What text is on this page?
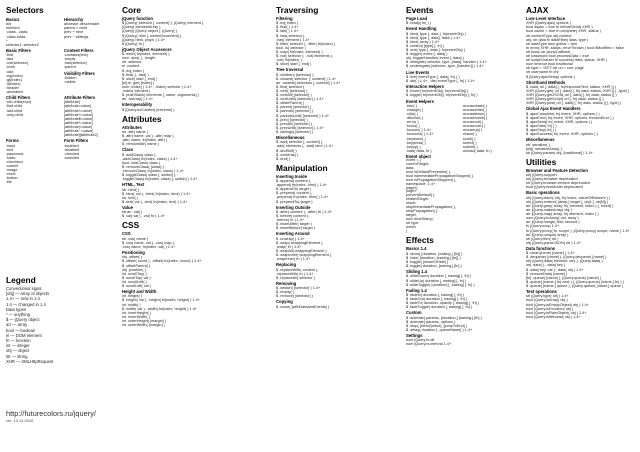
Selectors
Basics
#id
element
.class, .class
.class.class
*
selector1, selector2
Hierarchy
ancestor descendant
parent > child
prev + next
prev ~ siblings
Basic Filters
:first
:last
:not(selector)
:even
:odd
:eq(index)
:gt(index)
:lt(index)
:header
:animated
Content Filters
:contains(text)
:empty
:has(selector)
:parent
Visibility Filters
:hidden
:visible
Child Filters
:nth-child(expr)
:first-child
:last-child
:only-child
Attribute Filters
[attribute]
[attribute=value]
[attribute!=value]
[attribute^=value]
[attribute$=value]
[attribute*=value]
[attribute|=value]
[attribute~=value]
[attribute][attribute2]
Forms
:input
:text
:password
:radio
:checkbox
:submit
:image
:reset
:button
:file
Form Filters
:enabled
:disabled
:checked
:selected
Legend
Conventional signs
[obj] — array of objects
1.4+ — new in 1.4
1.4 — changed in 1.4
Data types
* — anything
$ — jQuery object
arr — array
bool — boolean
el — DOM element
fn — function
int — integer
obj — object
str — string
XHR — XMLHttpRequest
http://futurecolors.ru/jquery/
ver. 13.11.2010
Core
jQuery function
$ jQuery( selector [, context] ), jQuery( element ),
jQuery( elementArray ),
jQuery( jQuery object ), jQuery( )
$ jQuery( html [, ownerDocument] ),
jQuery( html, props ) 1.4+
$ jQuery( fn )
jQuery Object Accessors
$ .each( fn(index, element) )
num .size( ), .length
str .selector
el .context
$ .eq( index )
$ .first( ), .last( )
$ .slice( start [, end] )
[el],el .get( [index] )
num .index( ) 1.4+, .index( selector ) 1.4+,
.index( element )
$ .pushStack( elements [, name, arguments] )
arr .toArray( ) 1.4+
Interoperability
$ jQuery.noConflict( [extreme] )
Attributes
Attributes
str .attr( name )
$ .attr( name, val ), .attr( map ),
.attr( name, fn(index, attr) )
$ .removeAttr( name )
Class
$ .addClass( class ),
.addClass( fn(index, class) ) 1.4+
bool .hasClass( class )
$ .removeClass( [class] ),
.removeClass( fn(index, class) ) 1.4+
$ .toggleClass( class [, switch] ),
.toggleClass( fn(index, class) [, switch] ) 1.4+
HTML, Text
str .html( )
$ .html( val ), .html( fn(index, html) ) 1.4+
str .text( )
$ .text( val ), .text( fn(index, text) ) 1.4+
Value
str,arr .val( )
$ .val( val ), .val( fn ) 1.4+
CSS
CSS
str .css( name )
$ .css( name, val ), .css( map ),
.css( name, fn(index, val) ) 1.4+
Positioning
obj .offset( )
$ .offset( coord ), .offset( fn(index, coord) ) 1.4+
$ .offsetParent( )
obj .position( )
int .scrollTop( )
$ .scrollTop( val )
int .scrollLeft( )
$ .scrollLeft( val )
Height and Width
int .height( )
$ .height( val ), .height( fn(index, height) ) 1.4+
int .width( )
$ .width( val ), .width( fn(index, height) ) 1.4+
int .innerHeight( )
int .innerWidth( )
int .outerHeight( [margin] )
int .outerWidth( [margin] )
Traversing
Filtering
$ .eq( index )
$ .first( ) 1.4+
$ .last( ) 1.4+
$ .has( selector ),
.has( element ) 1.4+
$ .filter( selector ), .filter( fn(index) )
bool .is( selector )
$ .map( fn(index, element) )
$ .not( selector ), .not( elements ),
.not( fn(index) )
$ .slice( start [, end] )
Tree traversal
$ .children( [selector] )
$ .closest( selector [, context] ) 1.4+
arr .closest( selectors [, context] ) 1.4+
$ .find( selector )
$ .next( [selector] )
$ .nextAll( [selector] )
$ .nextUntil( [selector] ) 1.4+
$ .offsetParent( )
$ .parent( [selector] )
$ .parents( [selector] )
$ .parentsUntil( [selector] ) 1.4+
$ .prev( [selector] )
$ .prevAll( [selector] )
$ .prevUntil( [selector] ) 1.4+
$ .siblings( [selector] )
Miscellaneous
$ .add( selector [, context] ),
.add( elements ), .add( html ) 1.4+
$ .andSelf( )
$ .contents( )
$ .end( )
Manipulation
Inserting Inside
$ .append( content ),
.append( fn(index, html) ) 1.4+
$ .appendTo( target )
$ .prepend( content ),
.prepend( fn(index, html) ) 1.4+
$ .prependTo( target )
Inserting Outside
$ .after( content ), .after( fn ) 1.4+
$ .before( content ),
.before( fn ) 1.4+
$ .insertAfter( target )
$ .insertBefore( target )
Inserting Around
$ .unwrap( ) 1.4+
$ .wrap( wrappingElement ),
.wrap( fn ) 1.4+
$ .wrapAll( wrappingElement )
$ .wrapInner( wrappingElement ),
.wrapInner( fn ) 1.4+
Replacing
$ .replaceWith( content ),
.replaceWith( fn ) 1.4+
$ .replaceAll( selector )
Removing
$ .detach( [selector] ) 1.4+
$ .empty( )
$ .remove( [selector] )
Copying
$ .clone( [withDataAndEvents] )
Events
Page Load
$ .ready( fn( ) )
Event Handling
$ .bind( type [, data ], fn(eventObj) )
$ .bind( type [, data], false ) 1.4+
$ .bind( array ) 1.4+
$ .unbind( [type] [, fn] )
$ .one( type [, data ], fn(eventObj) )
$ .trigger( event [, data] )
obj .triggerHandler( event [, data] )
$ .delegate( selector, type, [data], handler ) 1.4+
$ .undelegate( [selector, type, [handler]] ) 1.4+
Live Events
$ .live( eventType [, data], fn( ) )
$ .die( ) 1.4+, .die( eventType [, fn] ) 1.4+
Interaction Helpers
$ .hover( fn(eventObj), fn(eventObj) )
$ .toggle( fn(eventObj), fn(eventObj) [, fn] )
Event Helpers
.blur( )
.change( )
.click( )
.dblclick( )
.error( )
.focus( )
.focusin( ) 1.4+
.focusout( ) 1.4+
.keydown( )
.keypress( )
.keyup( )
.load( data, fn )
.mousedown( )
.mouseenter( )
.mouseleave( )
.mousemove( )
.mouseout( )
.mouseover( )
.mouseup( )
.resize( )
.scroll( )
.select( )
.submit( )
.unload( data, fn )
Event object
event = {
currentTarget,
data,
bool isDefaultPrevented( ),
bool isImmediatePropagationStopped( ),
bool isPropagationStopped( ),
namespace, 1.4+
pageX,
pageY,
preventDefault( ),
relatedTarget,
result,
stopImmediatePropagation( ),
stopPropagation( ),
target,
num timeStamp,
str type,
which
}
Effects
Basics 1.4
$ .show( [duration, [easing,] [fn]] )
$ .hide( [duration, [easing,] [fn]] )
$ .toggle( [showOrHide] )
$ .toggle( duration, [easing,] [fn] )
Sliding 1.4
$ .slideDown( duration [, easing] [, fn] )
$ .slideUp( duration [, easing] [, fn] )
$ .slideToggle( [duration] [, easing] [, fn] )
Fading 1.4
$ .fadeIn( duration [, easing] [, fn] )
$ .fadeOut( duration [, easing] [, fn] )
$ .fadeTo( duration, opacity [, easing] [, fn] )
$ .fadeToggle( duration [, easing] [, fn] )
Custom
$ .animate( params, [duration,] [easing,] [fn] )
$ .animate( params, options )
$ .stop( [clearQueue], [jumpToEnd] )
$ .delay( duration [, queueName] ) 1.4+
Settings
bool jQuery.fx.off
num jQuery.fx.interval 1.4+
AJAX
Low-Level Interface
XHR jQuery.ajax( options )
bool async = true fn beforeSend( XHR )
bool cache = true fn complete( XHR, status )
str contentType obj context
obj, str data fn dataFilter( data, type )
str dataType bool global = true
fn error( XHR, status, errorThrown ) bool ifModified = false
str jsonp str jsonpCallback
str password bool processData = true
str scriptCharset fn success( data, status, XHR )
num timeout bool traditional
str type = 'GET' str url = curr. page
str username fn xhr
$ jQuery.ajaxSetup( options )
Shorthand Methods
$ .load( url [, data] [, fn(responseText, status, XHR )] )
XHR jQuery.get( url [, data] [, fn( data, status, XHR )] [, type] )
XHR jQuery.getJSON( url [, data] [, fn( data, status )] )
XHR jQuery.getScript( url [, fn( data, status )] )
XHR jQuery.post( url [, data] [, fn( data, status )] [, type] )
Global Ajax Event Handlers
$ .ajaxComplete( fn( event, XHR, options ) )
$ .ajaxError( fn( event, XHR, options, thrownError ) )
$ .ajaxSend( fn( event, XHR, options ) )
$ .ajaxStart( fn( ) )
$ .ajaxStop( fn( ) )
$ .ajaxSuccess( fn( event, XHR, options ) )
Miscellaneous
str .serialize( )
[obj] .serializeArray( )
str jQuery.param( obj, [traditional] ) 1.4+
Utilities
Browser and Feature Detection
obj jQuery.support
obj jQuery.browser deprecated
str jQuery.browser.version deprecated
bool jQuery.boxModel deprecated
Basic operations
obj jQuery.each( obj, fn( index, valueOfElement ) )
obj jQuery.extend( [deep,] target [, obj1 [, objN]] )
arr jQuery.grep( array, fn( element, index ) [, invert] )
arr jQuery.makeArray( obj )
arr jQuery.map( array, fn( element, index ) )
num jQuery.inArray( val, array )
arr jQuery.merge( first, second )
fn jQuery.noop 1.4+
fn jQuery.proxy( fn, scope ), jQuery.proxy( scope, name ) 1.4+
arr jQuery.unique( array )
str jQuery.trim( str )
obj jQuery.parseJSON( str ) 1.4+
Data functions
$ .clearQueue( [name] ) 1.4+
$ .dequeue( [name] ), jQuery.dequeue( [name] )
obj jQuery.data( element, key ), jQuery.data( )
obj .data( ), .data( key )
$ .data( key, val ), .data( obj ) 1.4+
$ .removeData( [name] )
[fn] .queue( [name] ), jQuery.queue( [name] )
$ .queue( [name,] fn( next ) ), jQuery.queue( [name,] fn( ) )
$ .queue( [name,] queue ), jQuery.queue( [name,] queue )
Test operations
str jQuery.type( obj ) 1.4+
bool jQuery.isArray( obj )
bool jQuery.isEmptyObject( obj ) 1.4+
bool jQuery.isFunction( obj )
bool jQuery.isPlainObject( obj ) 1.4+
bool jQuery.isWindow( obj ) 1.4+
